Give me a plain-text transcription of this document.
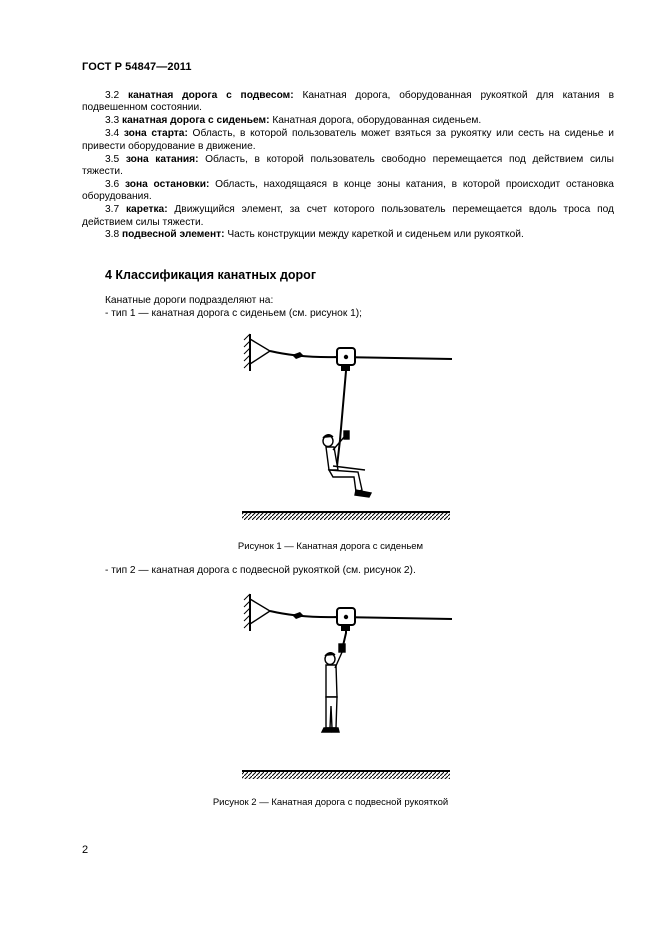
ГОСТ Р 54847—2011

3.2 канатная дорога с подвесом: Канатная дорога, оборудованная рукояткой для катания в подвешенном состоянии.

3.3 канатная дорога с сиденьем: Канатная дорога, оборудованная сиденьем.

3.4 зона старта: Область, в которой пользователь может взяться за рукоятку или сесть на сиденье и привести оборудование в движение.

3.5 зона катания: Область, в которой пользователь свободно перемещается под действием силы тяжести.

3.6 зона остановки: Область, находящаяся в конце зоны катания, в которой происходит остановка оборудования.

3.7 каретка: Движущийся элемент, за счет которого пользователь перемещается вдоль троса под действием силы тяжести.

3.8 подвесной элемент: Часть конструкции между кареткой и сиденьем или рукояткой.

4 Классификация канатных дорог
Канатные дороги подразделяют на:
- тип 1 — канатная дорога с сиденьем (см. рисунок 1);
Рисунок 1 — Канатная дорога с сиденьем
- тип 2 — канатная дорога с подвесной рукояткой (см. рисунок 2).
Рисунок 2 — Канатная дорога с подвесной рукояткой
2
